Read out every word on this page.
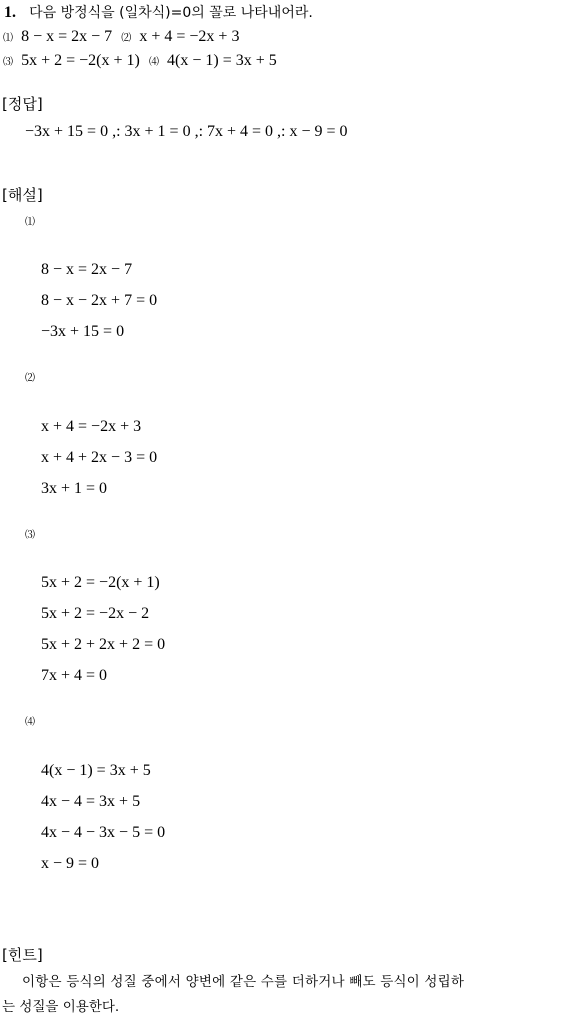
1. 다음 방정식을 (일차식)=0의 꼴로 나타내어라.
⑴ 8 − x = 2x − 7 ⑵ x + 4 = −2x + 3
⑶ 5x + 2 = −2(x + 1) ⑷ 4(x − 1) = 3x + 5
[정답]
−3x + 15 = 0 ,: 3x + 1 = 0 ,: 7x + 4 = 0 ,: x − 9 = 0
[해설]
⑴
8 − x = 2x − 7
8 − x − 2x + 7 = 0
−3x + 15 = 0
⑵
x + 4 = −2x + 3
x + 4 + 2x − 3 = 0
3x + 1 = 0
⑶
5x + 2 = −2(x + 1)
5x + 2 = −2x − 2
5x + 2 + 2x + 2 = 0
7x + 4 = 0
⑷
4(x − 1) = 3x + 5
4x − 4 = 3x + 5
4x − 4 − 3x − 5 = 0
x − 9 = 0
[힌트]
이항은 등식의 성질 중에서 양변에 같은 수를 더하거나 빼도 등식이 성립하
는 성질을 이용한다.
